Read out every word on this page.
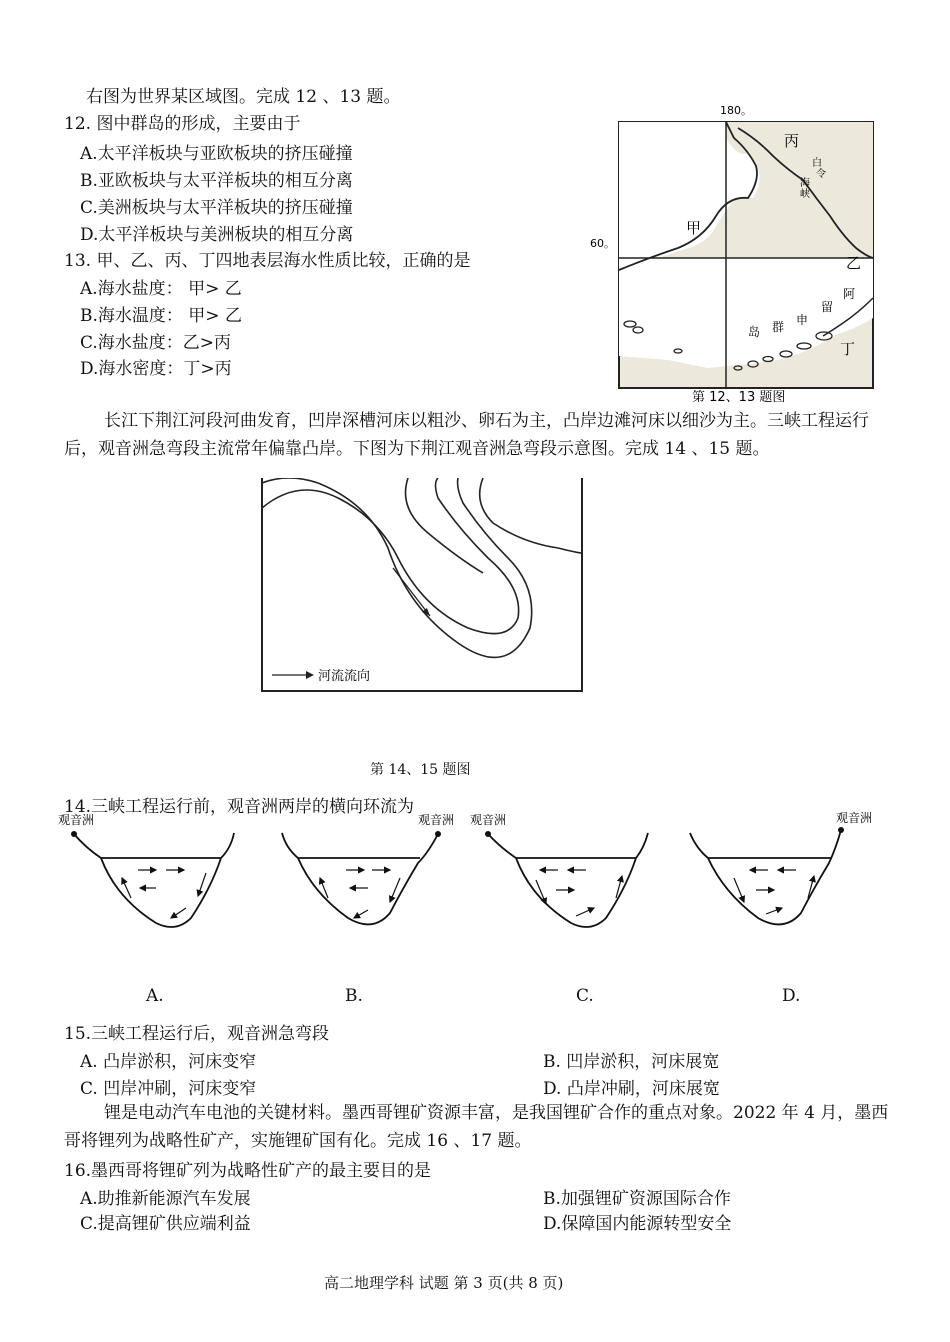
右图为世界某区域图。完成 12 、13 题。
12. 图中群岛的形成，主要由于
A.太平洋板块与亚欧板块的挤压碰撞
B.亚欧板块与太平洋板块的相互分离
C.美洲板块与太平洋板块的挤压碰撞
D.太平洋板块与美洲板块的相互分离
13. 甲、乙、丙、丁四地表层海水性质比较，正确的是
A.海水盐度： 甲> 乙
B.海水温度： 甲> 乙
C.海水盐度：乙>丙
D.海水密度：丁>丙
180。
60。
丙
甲
乙
丁
白
令
海
峡
阿
留
申
群
岛
第 12、13 题图
长江下荆江河段河曲发育，凹岸深槽河床以粗沙、卵石为主，凸岸边滩河床以细沙为主。三峡工程运行后，观音洲急弯段主流常年偏靠凸岸。下图为下荆江观音洲急弯段示意图。完成 14 、15 题。
河流流向
第 14、15 题图
14.三峡工程运行前，观音洲两岸的横向环流为
观音洲	观音洲 观音洲	观音洲
A.	B.	C.	D.
15.三峡工程运行后，观音洲急弯段
A. 凸岸淤积，河床变窄	B. 凹岸淤积，河床展宽
C. 凹岸冲刷，河床变窄	D. 凸岸冲刷，河床展宽
锂是电动汽车电池的关键材料。墨西哥锂矿资源丰富，是我国锂矿合作的重点对象。2022 年 4 月，墨西哥将锂列为战略性矿产，实施锂矿国有化。完成 16 、17 题。
16.墨西哥将锂矿列为战略性矿产的最主要目的是
A.助推新能源汽车发展	B.加强锂矿资源国际合作
C.提高锂矿供应端利益	D.保障国内能源转型安全
高二地理学科 试题 第 3 页(共 8 页)
